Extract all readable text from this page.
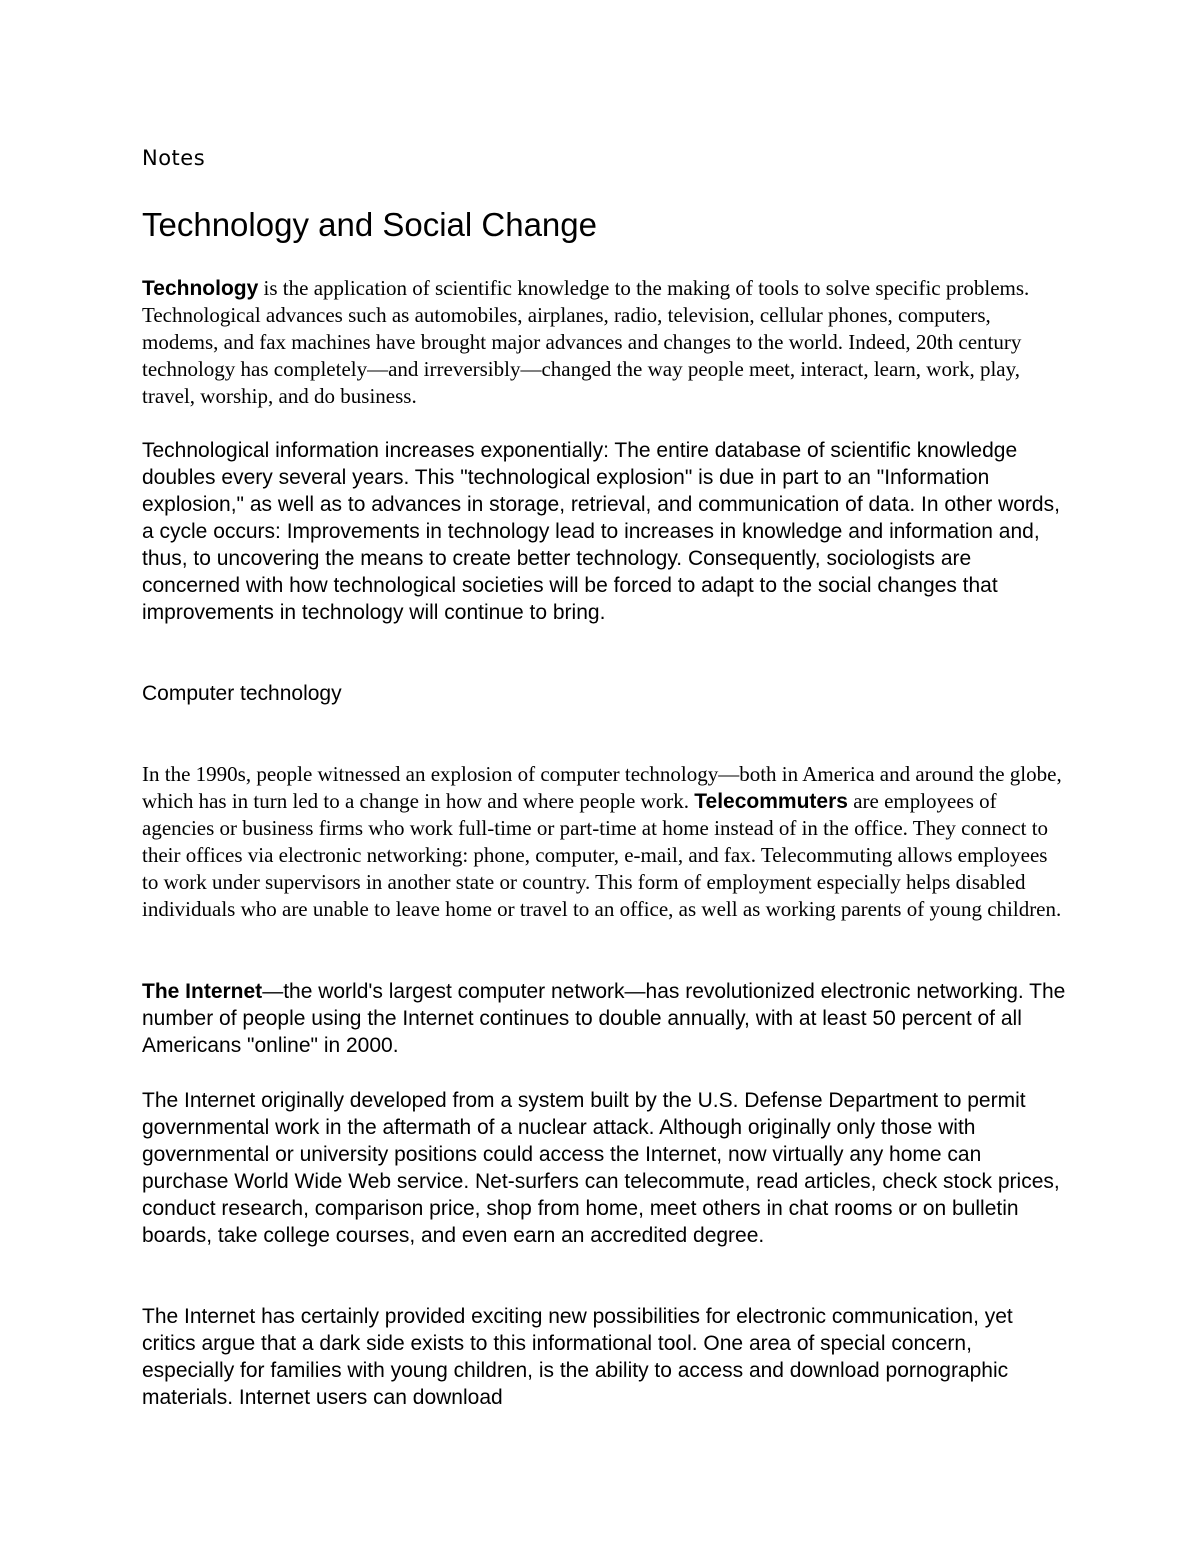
Notes
Technology and Social Change

Technology is the application of scientific knowledge to the making of tools to solve specific problems. Technological advances such as automobiles, airplanes, radio, television, cellular phones, computers, modems, and fax machines have brought major advances and changes to the world. Indeed, 20th century technology has completely—and irreversibly—changed the way people meet, interact, learn, work, play, travel, worship, and do business.

Technological information increases exponentially: The entire database of scientific knowledge doubles every several years. This "technological explosion" is due in part to an "Information explosion," as well as to advances in storage, retrieval, and communication of data. In other words, a cycle occurs: Improvements in technology lead to increases in knowledge and information and, thus, to uncovering the means to create better technology. Consequently, sociologists are concerned with how technological societies will be forced to adapt to the social changes that improvements in technology will continue to bring.

Computer technology

In the 1990s, people witnessed an explosion of computer technology—both in America and around the globe, which has in turn led to a change in how and where people work. Telecommuters are employees of agencies or business firms who work full-time or part-time at home instead of in the office. They connect to their offices via electronic networking: phone, computer, e-mail, and fax. Telecommuting allows employees to work under supervisors in another state or country. This form of employment especially helps disabled individuals who are unable to leave home or travel to an office, as well as working parents of young children.

The Internet—the world's largest computer network—has revolutionized electronic networking. The number of people using the Internet continues to double annually, with at least 50 percent of all Americans "online" in 2000.

The Internet originally developed from a system built by the U.S. Defense Department to permit governmental work in the aftermath of a nuclear attack. Although originally only those with governmental or university positions could access the Internet, now virtually any home can purchase World Wide Web service. Net-surfers can telecommute, read articles, check stock prices, conduct research, comparison price, shop from home, meet others in chat rooms or on bulletin boards, take college courses, and even earn an accredited degree.

The Internet has certainly provided exciting new possibilities for electronic communication, yet critics argue that a dark side exists to this informational tool. One area of special concern, especially for families with young children, is the ability to access and download pornographic materials. Internet users can download
